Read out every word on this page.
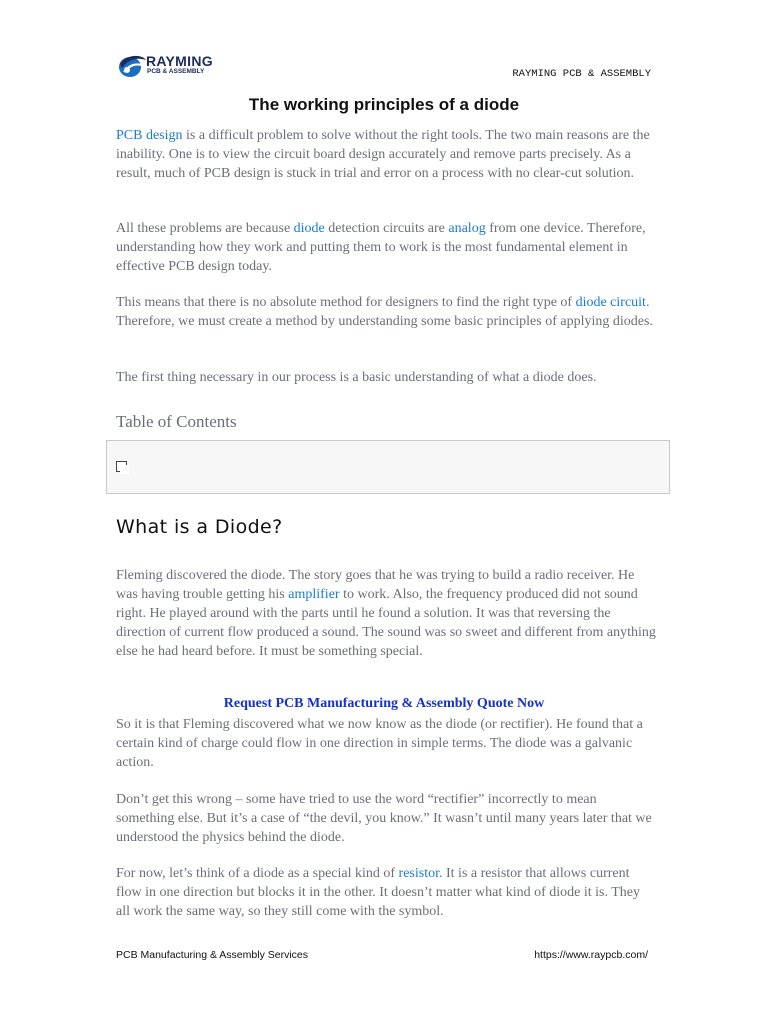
RAYMING
PCB & ASSEMBLY	RAYMING PCB & ASSEMBLY
The working principles of a diode

PCB design is a difficult problem to solve without the right tools. The two main reasons are the inability. One is to view the circuit board design accurately and remove parts precisely. As a result, much of PCB design is stuck in trial and error on a process with no clear-cut solution.

All these problems are because diode detection circuits are analog from one device. Therefore, understanding how they work and putting them to work is the most fundamental element in effective PCB design today.

This means that there is no absolute method for designers to find the right type of diode circuit. Therefore, we must create a method by understanding some basic principles of applying diodes.

The first thing necessary in our process is a basic understanding of what a diode does.

Table of Contents
What is a Diode?

Fleming discovered the diode. The story goes that he was trying to build a radio receiver. He was having trouble getting his amplifier to work. Also, the frequency produced did not sound right. He played around with the parts until he found a solution. It was that reversing the direction of current flow produced a sound. The sound was so sweet and different from anything else he had heard before. It must be something special.

Request PCB Manufacturing & Assembly Quote Now

So it is that Fleming discovered what we now know as the diode (or rectifier). He found that a certain kind of charge could flow in one direction in simple terms. The diode was a galvanic action.

Don’t get this wrong – some have tried to use the word “rectifier” incorrectly to mean something else. But it’s a case of “the devil, you know.” It wasn’t until many years later that we understood the physics behind the diode.

For now, let’s think of a diode as a special kind of resistor. It is a resistor that allows current flow in one direction but blocks it in the other. It doesn’t matter what kind of diode it is. They all work the same way, so they still come with the symbol.

PCB Manufacturing & Assembly Services	https://www.raypcb.com/
